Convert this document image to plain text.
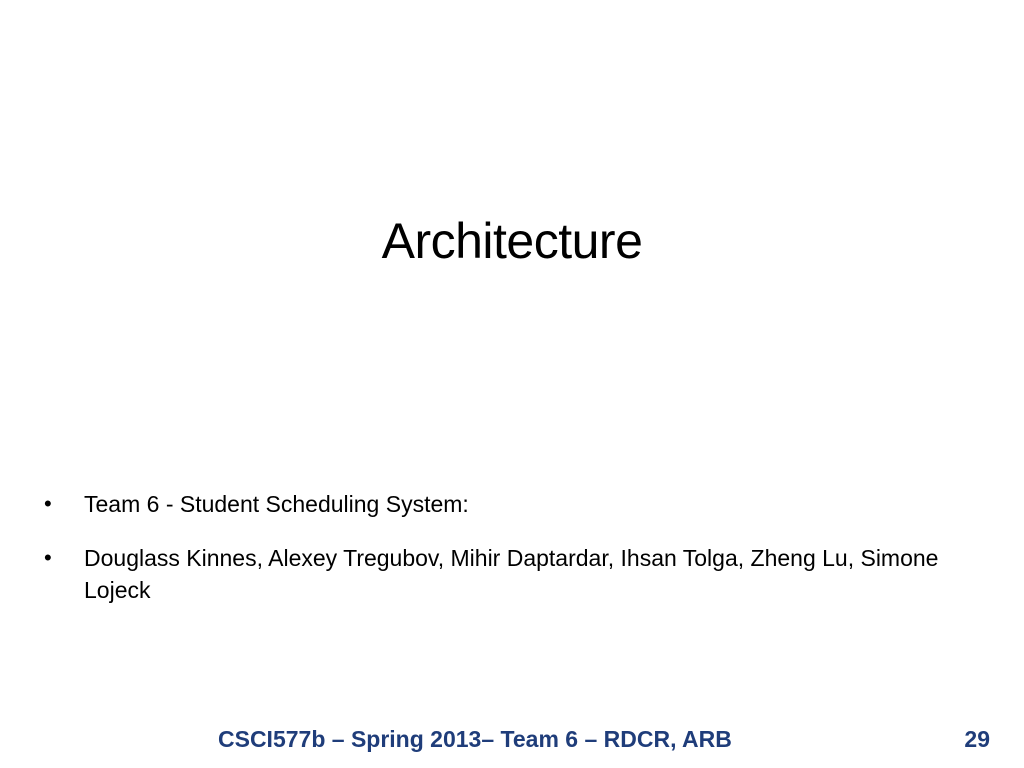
Architecture
• Team 6 - Student Scheduling System:
• Douglass Kinnes, Alexey Tregubov, Mihir Daptardar, Ihsan Tolga, Zheng Lu, Simone Lojeck
CSCI577b – Spring 2013– Team 6 – RDCR, ARB	29
